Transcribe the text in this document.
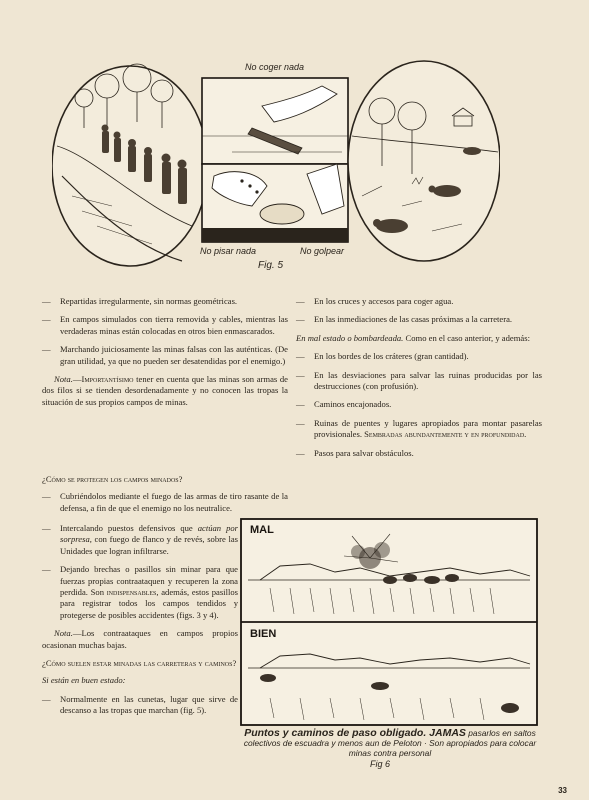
No coger nada
No pisar nada	No golpear
Fig. 5

— Repartidas irregularmente, sin normas geométricas.

— En campos simulados con tierra removida y cables, mientras las verdaderas minas están colocadas en otros bien enmascarados.

— Marchando juiciosamente las minas falsas con las auténticas. (De gran utilidad, ya que no pueden ser desatendidas por el enemigo.)

Nota.—Importantísimo tener en cuenta que las minas son armas de dos filos si se tienden desordenadamente y no conocen las tropas la situación de sus propios campos de minas.

¿Cómo se protegen los campos minados?

— Cubriéndolos mediante el fuego de las armas de tiro rasante de la defensa, a fin de que el enemigo no los neutralice.

— Intercalando puestos defensivos que actúan por sorpresa, con fuego de flanco y de revés, sobre las Unidades que logran infiltrarse.

— Dejando brechas o pasillos sin minar para que fuerzas propias contraataquen y recuperen la zona perdida. Son indispensables, además, estos pasillos para registrar todos los campos tendidos y protegerse de posibles accidentes (figs. 3 y 4).

Nota.—Los contraataques en campos propios ocasionan muchas bajas.

¿Cómo suelen estar minadas las carreteras y caminos?

Si están en buen estado:

— Normalmente en las cunetas, lugar que sirve de descanso a las tropas que marchan (fig. 5).

— En los cruces y accesos para coger agua.

— En las inmediaciones de las casas próximas a la carretera.

En mal estado o bombardeada. Como en el caso anterior, y además:

— En los bordes de los cráteres (gran cantidad).

— En las desviaciones para salvar las ruinas producidas por las destrucciones (con profusión).

— Caminos encajonados.

— Ruinas de puentes y lugares apropiados para montar pasarelas provisionales. Sembradas abundantemente y en profundidad.

— Pasos para salvar obstáculos.

MAL
BIEN
Puntos y caminos de paso obligado. JAMAS pasarlos en saltos colectivos de escuadra y menos aun de Peloton · Son apropiados para colocar minas contra personal
Fig 6
33
